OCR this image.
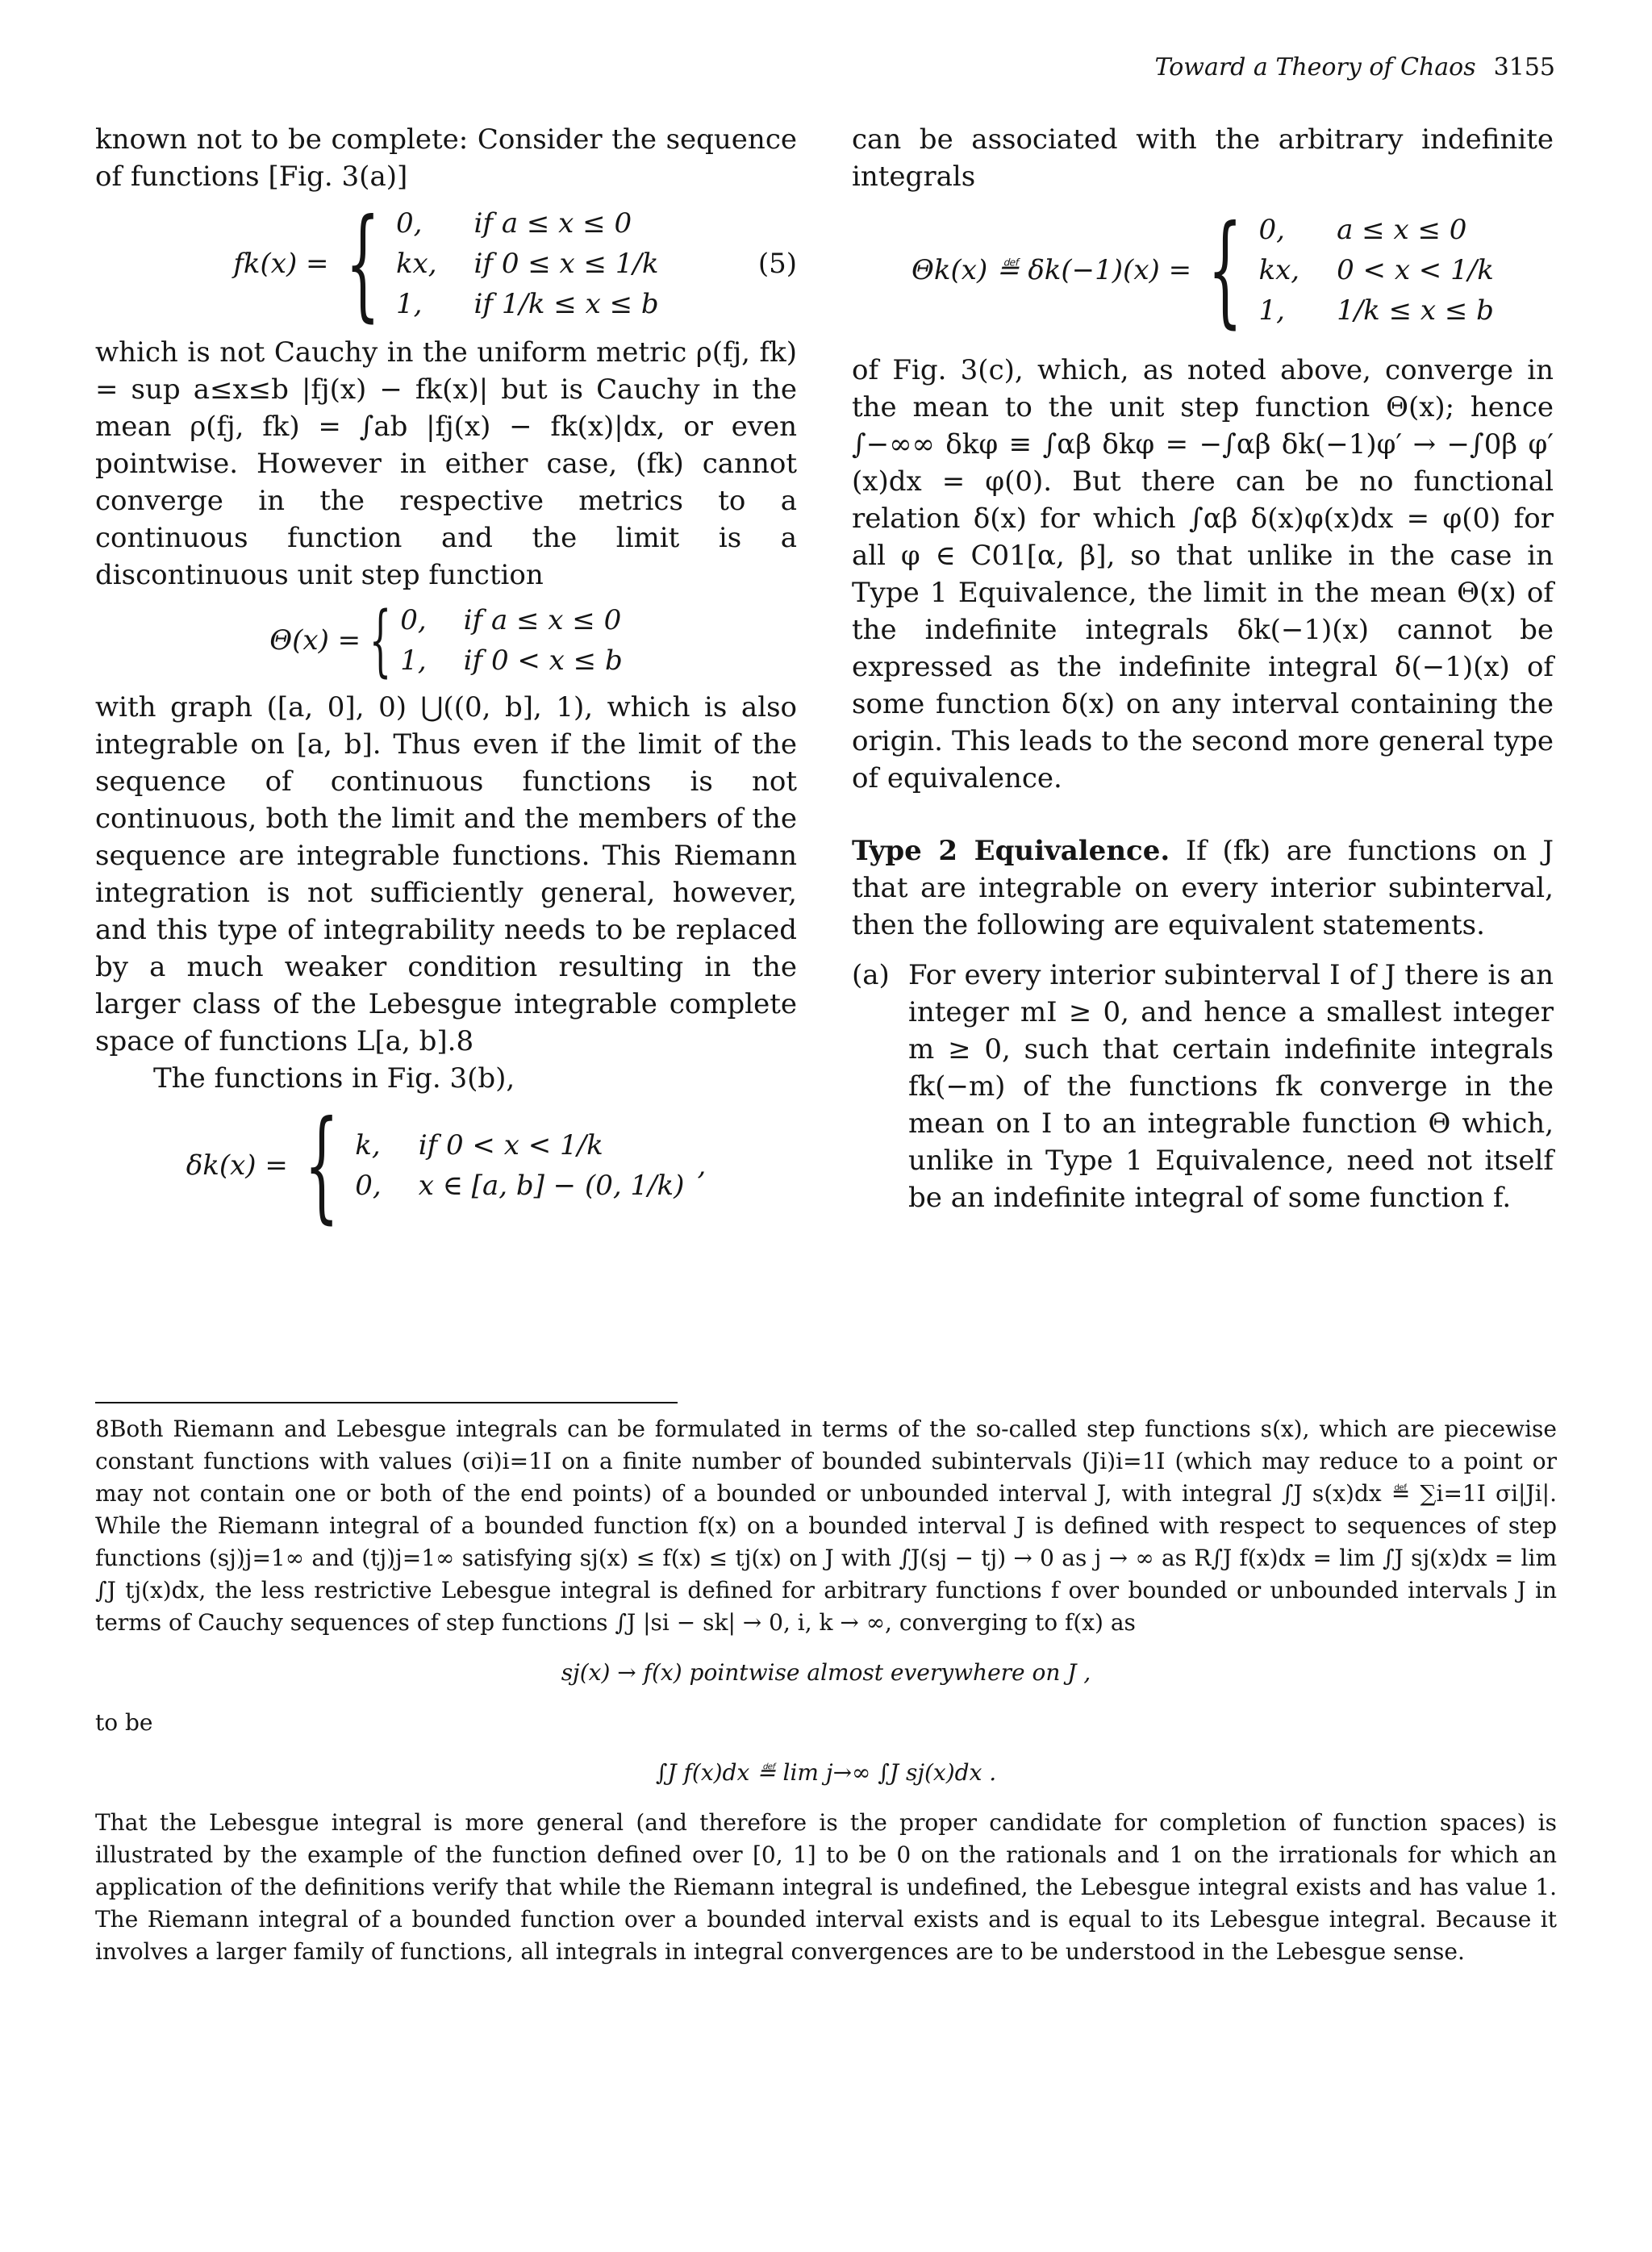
Toward a Theory of Chaos 3155

known not to be complete: Consider the sequence of functions [Fig. 3(a)]

fk(x) = { 0,	if a ≤ x ≤ 0
kx, if 0 ≤ x ≤ 1/k
1,	if 1/k ≤ x ≤ b
(5)

which is not Cauchy in the uniform metric ρ(fj, fk) = sup a≤x≤b |fj(x) − fk(x)| but is Cauchy in the mean ρ(fj, fk) = ∫ab |fj(x) − fk(x)|dx, or even pointwise. However in either case, (fk) cannot converge in the respective metrics to a continuous function and the limit is a discontinuous unit step function

Θ(x) = { 0, if a ≤ x ≤ 0
1, if 0 < x ≤ b

with graph ([a, 0], 0) ⋃((0, b], 1), which is also integrable on [a, b]. Thus even if the limit of the sequence of continuous functions is not continuous, both the limit and the members of the sequence are integrable functions. This Riemann integration is not sufficiently general, however, and this type of integrability needs to be replaced by a much weaker condition resulting in the larger class of the Lebesgue integrable complete space of functions L[a, b].8

The functions in Fig. 3(b),

δk(x) = { k, if 0 < x < 1/k
0, x ∈ [a, b] − (0, 1/k)
,

can be associated with the arbitrary indefinite integrals

Θk(x) ≝ δk(−1)(x) = { 0,	a ≤ x ≤ 0
kx, 0 < x < 1/k
1,	1/k ≤ x ≤ b

of Fig. 3(c), which, as noted above, converge in the mean to the unit step function Θ(x); hence ∫−∞∞ δkφ ≡ ∫αβ δkφ = −∫αβ δk(−1)φ′ → −∫0β φ′(x)dx = φ(0). But there can be no functional relation δ(x) for which ∫αβ δ(x)φ(x)dx = φ(0) for all φ ∈ C01[α, β], so that unlike in the case in Type 1 Equivalence, the limit in the mean Θ(x) of the indefinite integrals δk(−1)(x) cannot be expressed as the indefinite integral δ(−1)(x) of some function δ(x) on any interval containing the origin. This leads to the second more general type of equivalence.

Type 2 Equivalence. If (fk) are functions on J that are integrable on every interior subinterval, then the following are equivalent statements.

(a) For every interior subinterval I of J there is an integer mI ≥ 0, and hence a smallest integer m ≥ 0, such that certain indefinite integrals fk(−m) of the functions fk converge in the mean on I to an integrable function Θ which, unlike in Type 1 Equivalence, need not itself be an indefinite integral of some function f.

8Both Riemann and Lebesgue integrals can be formulated in terms of the so-called step functions s(x), which are piecewise constant functions with values (σi)i=1I on a finite number of bounded subintervals (Ji)i=1I (which may reduce to a point or may not contain one or both of the end points) of a bounded or unbounded interval J, with integral ∫J s(x)dx ≝ ∑i=1I σi|Ji|. While the Riemann integral of a bounded function f(x) on a bounded interval J is defined with respect to sequences of step functions (sj)j=1∞ and (tj)j=1∞ satisfying sj(x) ≤ f(x) ≤ tj(x) on J with ∫J(sj − tj) → 0 as j → ∞ as R∫J f(x)dx = lim ∫J sj(x)dx = lim ∫J tj(x)dx, the less restrictive Lebesgue integral is defined for arbitrary functions f over bounded or unbounded intervals J in terms of Cauchy sequences of step functions ∫J |si − sk| → 0, i, k → ∞, converging to f(x) as

sj(x) → f(x) pointwise almost everywhere on J ,

to be

∫J f(x)dx ≝ lim j→∞ ∫J sj(x)dx .

That the Lebesgue integral is more general (and therefore is the proper candidate for completion of function spaces) is illustrated by the example of the function defined over [0, 1] to be 0 on the rationals and 1 on the irrationals for which an application of the definitions verify that while the Riemann integral is undefined, the Lebesgue integral exists and has value 1. The Riemann integral of a bounded function over a bounded interval exists and is equal to its Lebesgue integral. Because it involves a larger family of functions, all integrals in integral convergences are to be understood in the Lebesgue sense.
